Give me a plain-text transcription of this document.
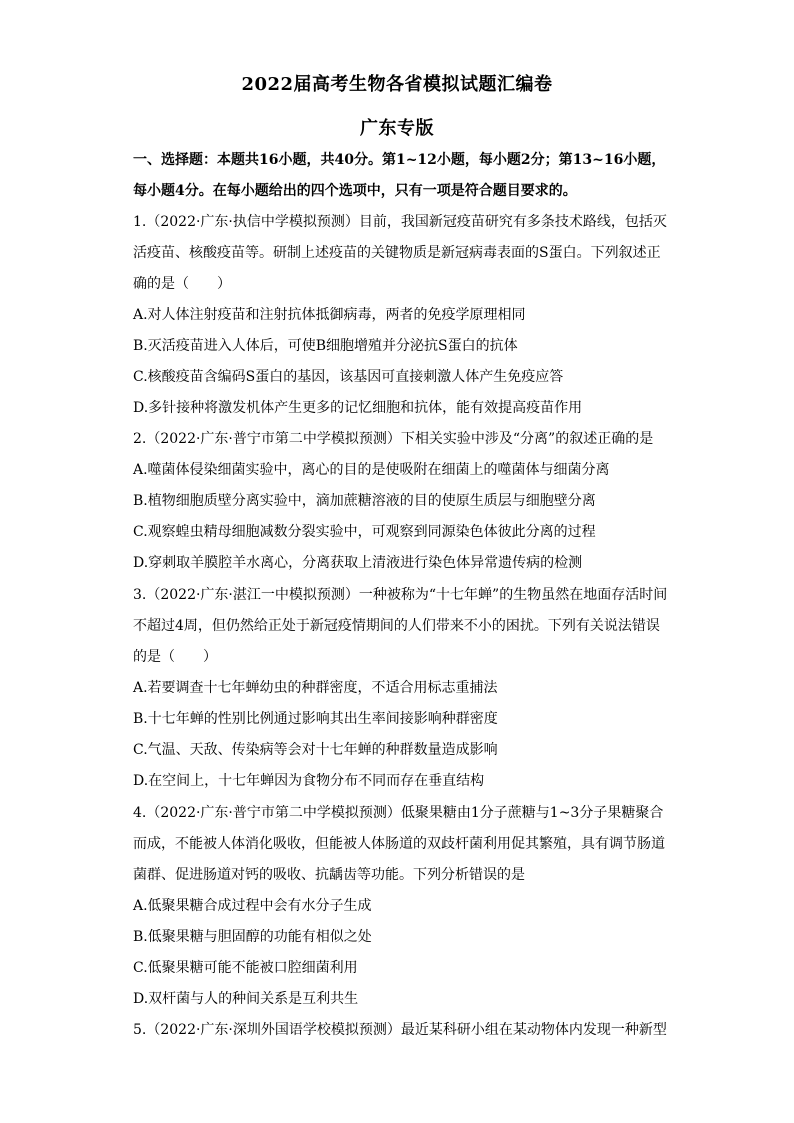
2022届高考生物各省模拟试题汇编卷
广东专版
一、选择题：本题共16小题，共40分。第1~12小题，每小题2分；第13~16小题，
每小题4分。在每小题给出的四个选项中，只有一项是符合题目要求的。
1.（2022·广东·执信中学模拟预测）目前，我国新冠疫苗研究有多条技术路线，包括灭
活疫苗、核酸疫苗等。研制上述疫苗的关键物质是新冠病毒表面的S蛋白。下列叙述正
确的是（　　）
A.对人体注射疫苗和注射抗体抵御病毒，两者的免疫学原理相同
B.灭活疫苗进入人体后，可使B细胞增殖并分泌抗S蛋白的抗体
C.核酸疫苗含编码S蛋白的基因，该基因可直接刺激人体产生免疫应答
D.多针接种将激发机体产生更多的记忆细胞和抗体，能有效提高疫苗作用
2.（2022·广东·普宁市第二中学模拟预测）下相关实验中涉及“分离”的叙述正确的是
A.噬菌体侵染细菌实验中，离心的目的是使吸附在细菌上的噬菌体与细菌分离
B.植物细胞质壁分离实验中，滴加蔗糖溶液的目的使原生质层与细胞壁分离
C.观察蝗虫精母细胞减数分裂实验中，可观察到同源染色体彼此分离的过程
D.穿刺取羊膜腔羊水离心，分离获取上清液进行染色体异常遗传病的检测
3.（2022·广东·湛江一中模拟预测）一种被称为“十七年蝉”的生物虽然在地面存活时间
不超过4周，但仍然给正处于新冠疫情期间的人们带来不小的困扰。下列有关说法错误
的是（　　）
A.若要调查十七年蝉幼虫的种群密度，不适合用标志重捕法
B.十七年蝉的性别比例通过影响其出生率间接影响种群密度
C.气温、天敌、传染病等会对十七年蝉的种群数量造成影响
D.在空间上，十七年蝉因为食物分布不同而存在垂直结构
4.（2022·广东·普宁市第二中学模拟预测）低聚果糖由1分子蔗糖与1~3分子果糖聚合
而成，不能被人体消化吸收，但能被人体肠道的双歧杆菌利用促其繁殖，具有调节肠道
菌群、促进肠道对钙的吸收、抗龋齿等功能。下列分析错误的是
A.低聚果糖合成过程中会有水分子生成
B.低聚果糖与胆固醇的功能有相似之处
C.低聚果糖可能不能被口腔细菌利用
D.双杆菌与人的种间关系是互利共生
5.（2022·广东·深圳外国语学校模拟预测）最近某科研小组在某动物体内发现一种新型
